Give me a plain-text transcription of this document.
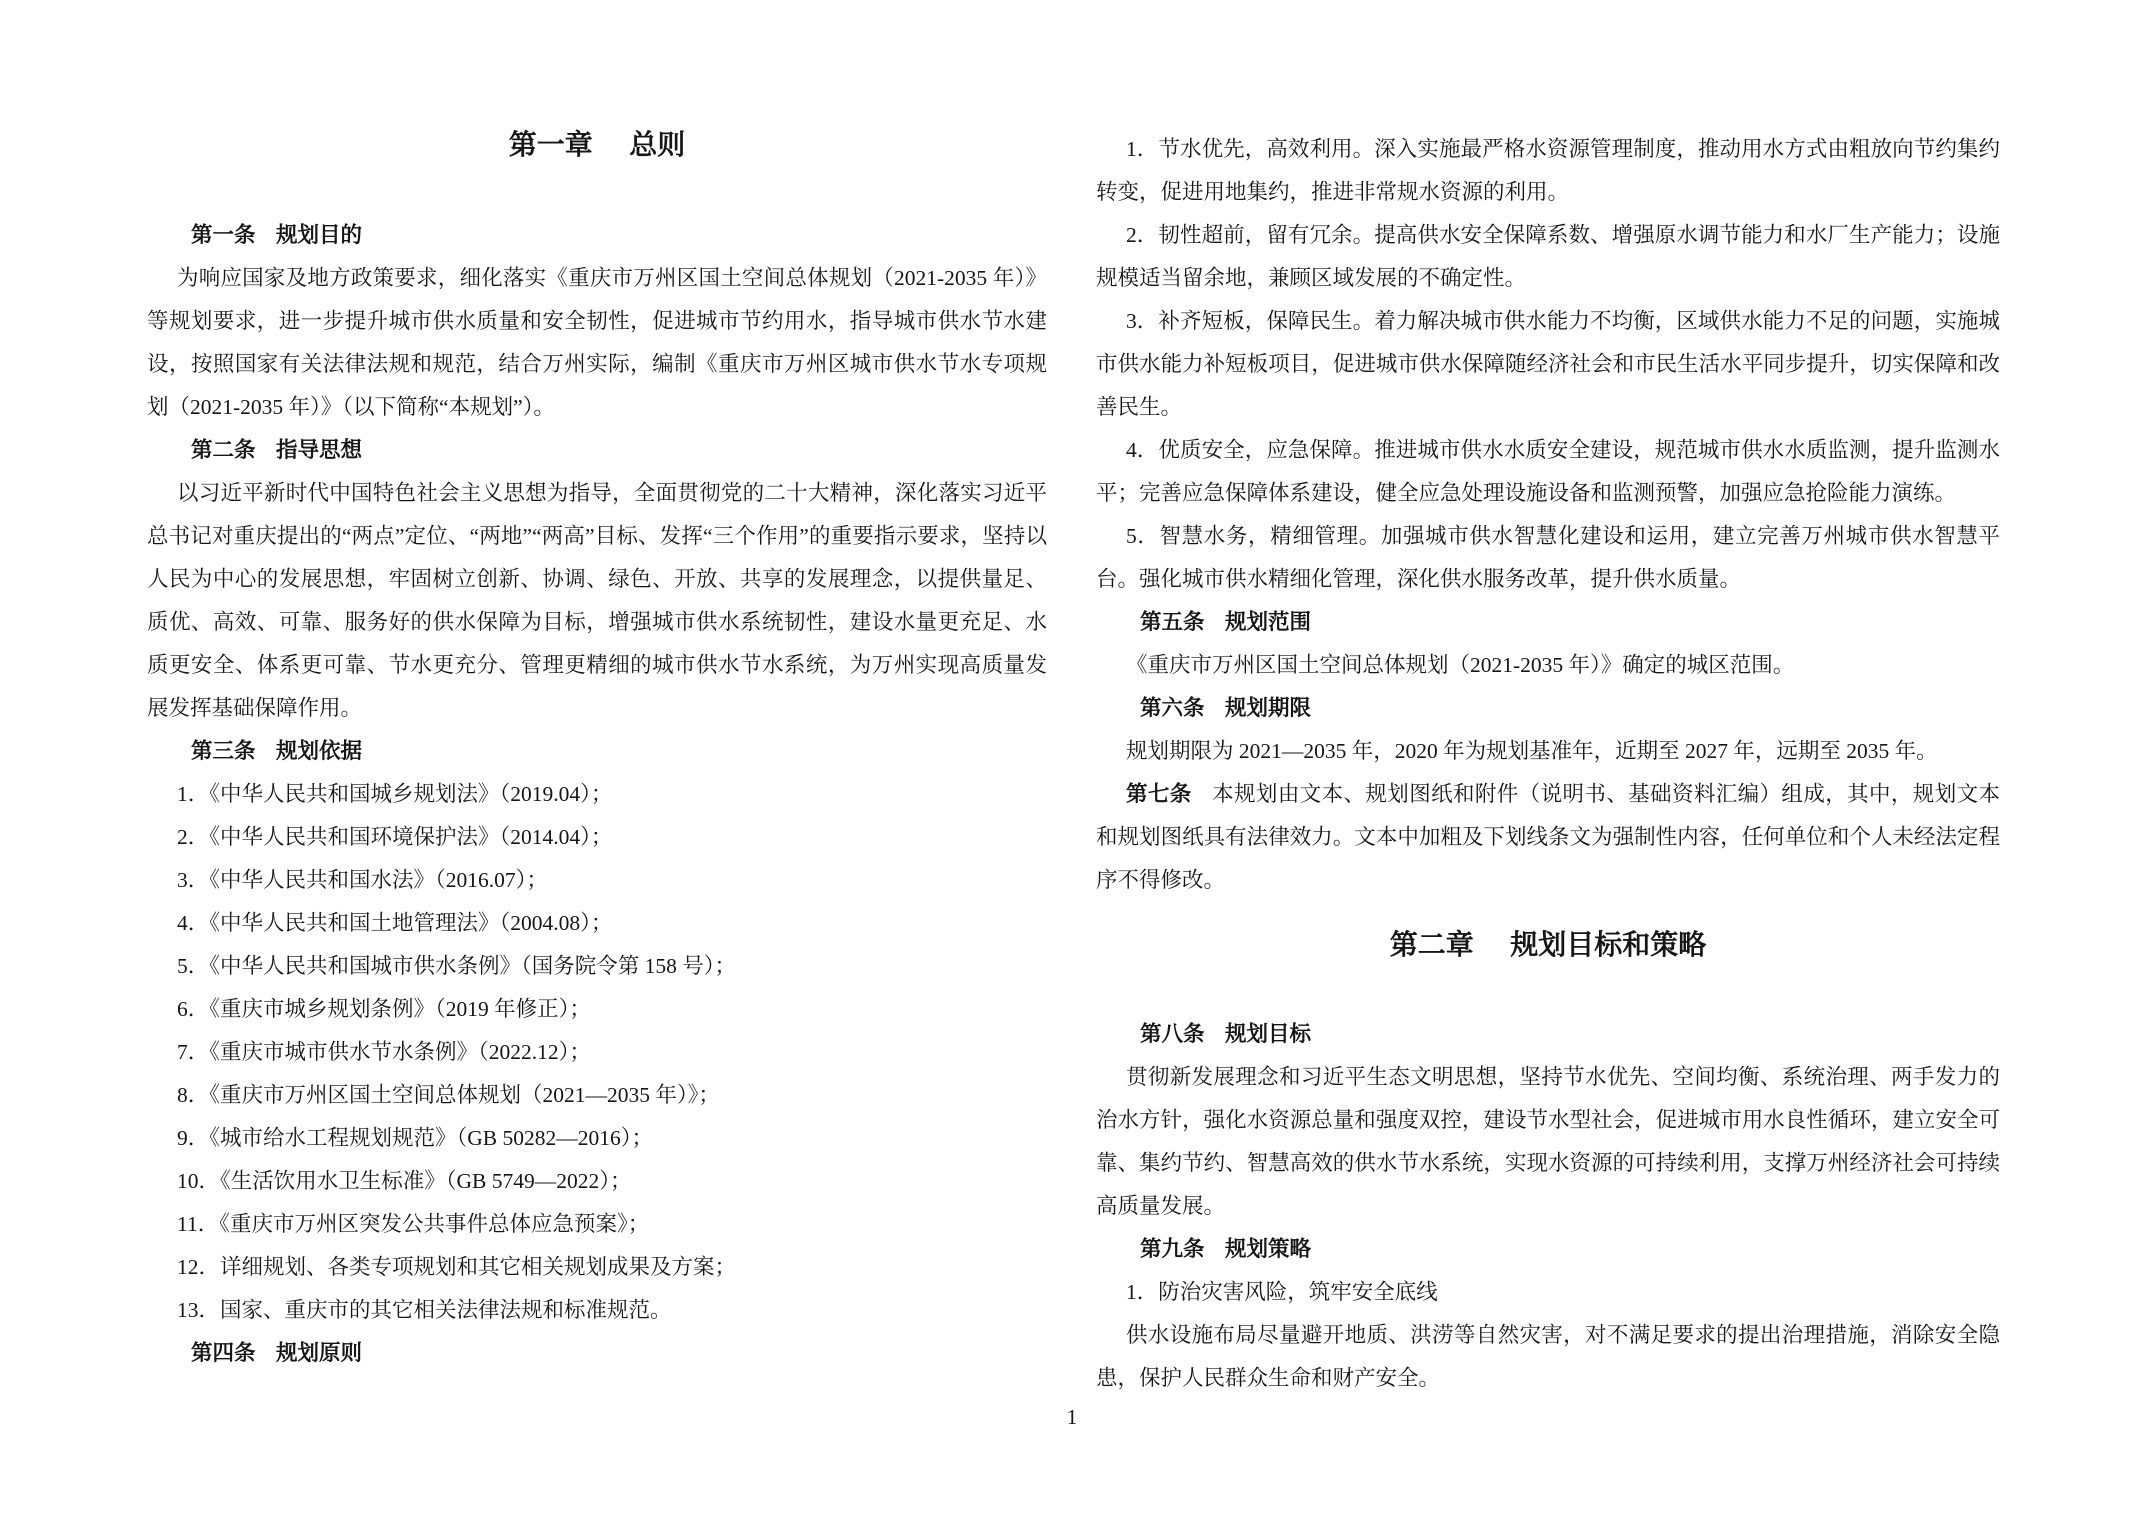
第一章 总则
第一条 规划目的

为响应国家及地方政策要求，细化落实《重庆市万州区国土空间总体规划（2021-2035 年）》等规划要求，进一步提升城市供水质量和安全韧性，促进城市节约用水，指导城市供水节水建设，按照国家有关法律法规和规范，结合万州实际，编制《重庆市万州区城市供水节水专项规划（2021-2035 年）》（以下简称“本规划”）。

第二条 指导思想

以习近平新时代中国特色社会主义思想为指导，全面贯彻党的二十大精神，深化落实习近平总书记对重庆提出的“两点”定位、“两地”“两高”目标、发挥“三个作用”的重要指示要求，坚持以人民为中心的发展思想，牢固树立创新、协调、绿色、开放、共享的发展理念，以提供量足、质优、高效、可靠、服务好的供水保障为目标，增强城市供水系统韧性，建设水量更充足、水质更安全、体系更可靠、节水更充分、管理更精细的城市供水节水系统，为万州实现高质量发展发挥基础保障作用。

第三条 规划依据

1．《中华人民共和国城乡规划法》（2019.04）；

2．《中华人民共和国环境保护法》（2014.04）；

3．《中华人民共和国水法》（2016.07）；

4．《中华人民共和国土地管理法》（2004.08）；

5．《中华人民共和国城市供水条例》（国务院令第 158 号）；

6．《重庆市城乡规划条例》（2019 年修正）；

7．《重庆市城市供水节水条例》（2022.12）；

8．《重庆市万州区国土空间总体规划（2021—2035 年）》；

9．《城市给水工程规划规范》（GB 50282—2016）；

10．《生活饮用水卫生标准》（GB 5749—2022）；

11．《重庆市万州区突发公共事件总体应急预案》；

12．详细规划、各类专项规划和其它相关规划成果及方案；

13．国家、重庆市的其它相关法律法规和标准规范。

第四条 规划原则

1．节水优先，高效利用。深入实施最严格水资源管理制度，推动用水方式由粗放向节约集约转变，促进用地集约，推进非常规水资源的利用。

2．韧性超前，留有冗余。提高供水安全保障系数、增强原水调节能力和水厂生产能力；设施规模适当留余地，兼顾区域发展的不确定性。

3．补齐短板，保障民生。着力解决城市供水能力不均衡，区域供水能力不足的问题，实施城市供水能力补短板项目，促进城市供水保障随经济社会和市民生活水平同步提升，切实保障和改善民生。

4．优质安全，应急保障。推进城市供水水质安全建设，规范城市供水水质监测，提升监测水平；完善应急保障体系建设，健全应急处理设施设备和监测预警，加强应急抢险能力演练。

5．智慧水务，精细管理。加强城市供水智慧化建设和运用，建立完善万州城市供水智慧平台。强化城市供水精细化管理，深化供水服务改革，提升供水质量。

第五条 规划范围

《重庆市万州区国土空间总体规划（2021-2035 年）》确定的城区范围。

第六条 规划期限

规划期限为 2021—2035 年，2020 年为规划基准年，近期至 2027 年，远期至 2035 年。

第七条 本规划由文本、规划图纸和附件（说明书、基础资料汇编）组成，其中，规划文本和规划图纸具有法律效力。文本中加粗及下划线条文为强制性内容，任何单位和个人未经法定程序不得修改。

第二章 规划目标和策略
第八条 规划目标

贯彻新发展理念和习近平生态文明思想，坚持节水优先、空间均衡、系统治理、两手发力的治水方针，强化水资源总量和强度双控，建设节水型社会，促进城市用水良性循环，建立安全可靠、集约节约、智慧高效的供水节水系统，实现水资源的可持续利用，支撑万州经济社会可持续高质量发展。

第九条 规划策略

1．防治灾害风险，筑牢安全底线

供水设施布局尽量避开地质、洪涝等自然灾害，对不满足要求的提出治理措施，消除安全隐患，保护人民群众生命和财产安全。

1
